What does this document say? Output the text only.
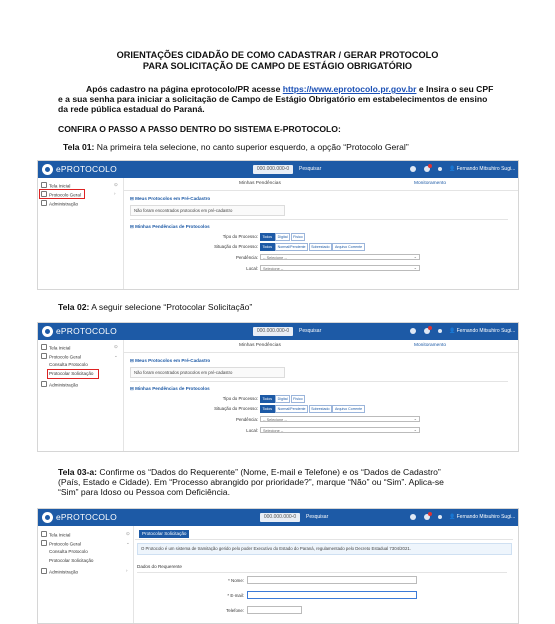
ORIENTAÇÕES CIDADÃO DE COMO CADASTRAR / GERAR PROTOCOLO
PARA SOLICITAÇÃO DE CAMPO DE ESTÁGIO OBRIGATÓRIO
Após cadastro na página eprotocolo/PR acesse https://www.eprotocolo.pr.gov.br e Insira o seu CPF
e a sua senha para iniciar a solicitação de Campo de Estágio Obrigatório em estabelecimentos de ensino
da rede pública estadual do Paraná.
CONFIRA O PASSO A PASSO DENTRO DO SISTEMA E-PROTOCOLO:
Tela 01: Na primeira tela selecione, no canto superior esquerdo, a opção “Protocolo Geral”
ePROTOCOLO	000.000.000-0	Pesquisar	👤 Fernando Mitsuhiro Sugi...
Tela Inicial	⊙
Protocolo Geral	›
Administração
Minhas Pendências	Monitoramento
⊟ Meus Protocolos em Pré-Cadastro
Não foram encontrados protocolos em pré-cadastro
⊟ Minhas Pendências de Protocolos
Tipo do Processo:	Todos Digital Físico
Situação do Processo:	Todos Normal/Pendente Sobrestado Arquivo Corrente
Pendência:	-- Selecione -- ⌄
Local:	Selecione -- ⌄
Tela 02: A seguir selecione “Protocolar Solicitação”
ePROTOCOLO	000.000.000-0	Pesquisar	👤 Fernando Mitsuhiro Sugi...
Tela Inicial	⊙
Protocolo Geral	⌄
Consulta Protocolo
Protocolar Solicitação
Administração
Minhas Pendências	Monitoramento
⊟ Meus Protocolos em Pré-Cadastro
Não foram encontrados protocolos em pré-cadastro
⊟ Minhas Pendências de Protocolos
Tipo do Processo:	Todos Digital Físico
Situação do Processo:	Todos Normal/Pendente Sobrestado Arquivo Corrente
Pendência:	-- Selecione -- ⌄
Local:	Selecione -- ⌄
Tela 03-a: Confirme os “Dados do Requerente” (Nome, E-mail e Telefone) e os “Dados de Cadastro”
(País, Estado e Cidade). Em “Processo abrangido por prioridade?”, marque “Não” ou “Sim”. Aplica-se
“Sim” para Idoso ou Pessoa com Deficiência.
ePROTOCOLO	000.000.000-0	Pesquisar	👤 Fernando Mitsuhiro Sugi...
Tela Inicial	⊙
Protocolo Geral	⌄
Consulta Protocolo
Protocolar Solicitação
Administração	›
Protocolar Solicitação
O Protocolo é um sistema de tramitação gerido pelo poder Executivo do Estado do Paraná, regulamentado pelo Decreto Estadual 7304/2021.
Dados do Requerente
* Nome:
* E-mail:
Telefone:
